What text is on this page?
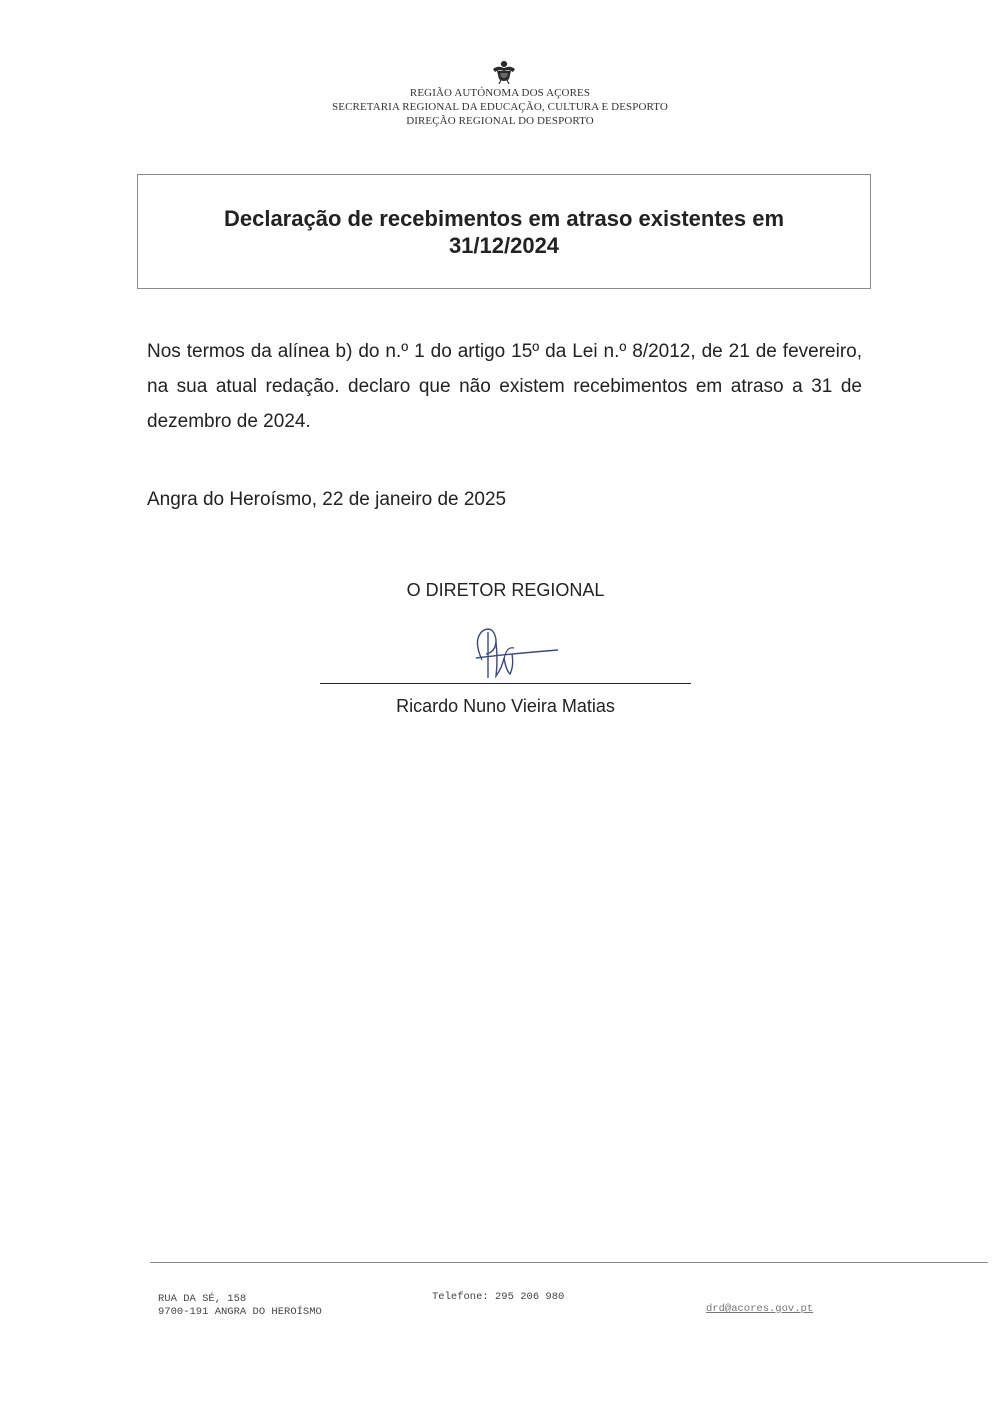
REGIÃO AUTÓNOMA DOS AÇORES
SECRETARIA REGIONAL DA EDUCAÇÃO, CULTURA E DESPORTO
DIREÇÃO REGIONAL DO DESPORTO
Declaração de recebimentos em atraso existentes em
31/12/2024
Nos termos da alínea b) do n.º 1 do artigo 15º da Lei n.º 8/2012, de 21 de fevereiro, na sua atual redação. declaro que não existem recebimentos em atraso a 31 de dezembro de 2024.
Angra do Heroísmo, 22 de janeiro de 2025
O DIRETOR REGIONAL
Ricardo Nuno Vieira Matias
RUA DA SÉ, 158
9700-191 ANGRA DO HEROÍSMO
Telefone: 295 206 980
drd@acores.gov.pt
